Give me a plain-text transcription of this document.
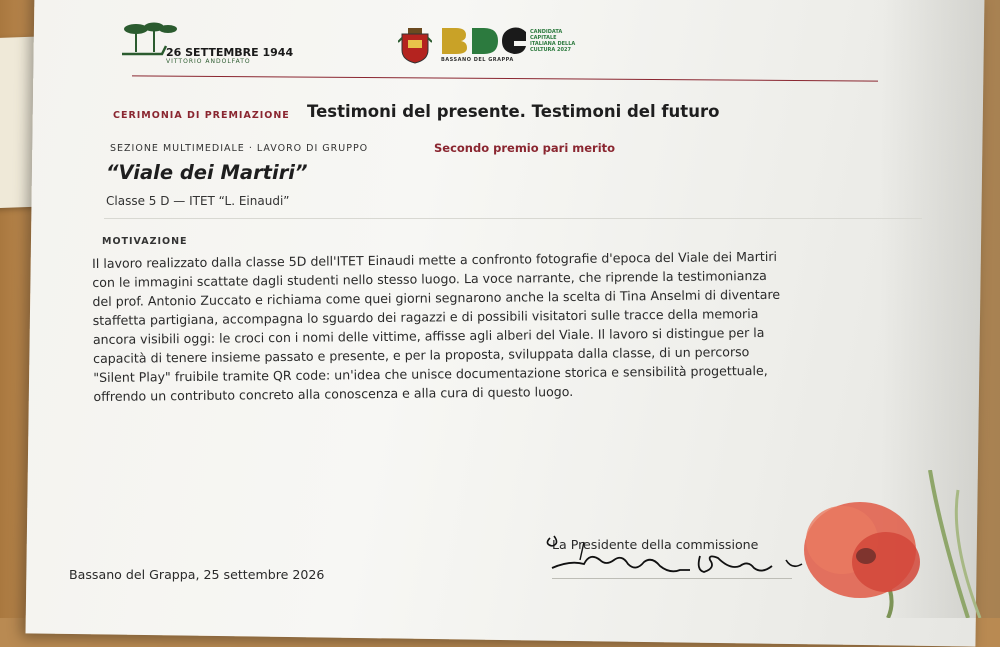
26 SETTEMBRE 1944
VITTORIO ANDOLFATO
CANDIDATA
CAPITALE
ITALIANA DELLA
CULTURA 2027
BASSANO DEL GRAPPA
CERIMONIA DI PREMIAZIONE Testimoni del presente. Testimoni del futuro
SEZIONE MULTIMEDIALE · LAVORO DI GRUPPO	Secondo premio pari merito
“Viale dei Martiri”
Classe 5 D — ITET “L. Einaudi”
MOTIVAZIONE
Il lavoro realizzato dalla classe 5D dell'ITET Einaudi mette a confronto fotografie d'epoca del Viale dei Martiri
con le immagini scattate dagli studenti nello stesso luogo. La voce narrante, che riprende la testimonianza
del prof. Antonio Zuccato e richiama come quei giorni segnarono anche la scelta di Tina Anselmi di diventare
staffetta partigiana, accompagna lo sguardo dei ragazzi e di possibili visitatori sulle tracce della memoria
ancora visibili oggi: le croci con i nomi delle vittime, affisse agli alberi del Viale. Il lavoro si distingue per la
capacità di tenere insieme passato e presente, e per la proposta, sviluppata dalla classe, di un percorso
"Silent Play" fruibile tramite QR code: un'idea che unisce documentazione storica e sensibilità progettuale,
offrendo un contributo concreto alla conoscenza e alla cura di questo luogo.
La Presidente della commissione
Bassano del Grappa, 25 settembre 2026
